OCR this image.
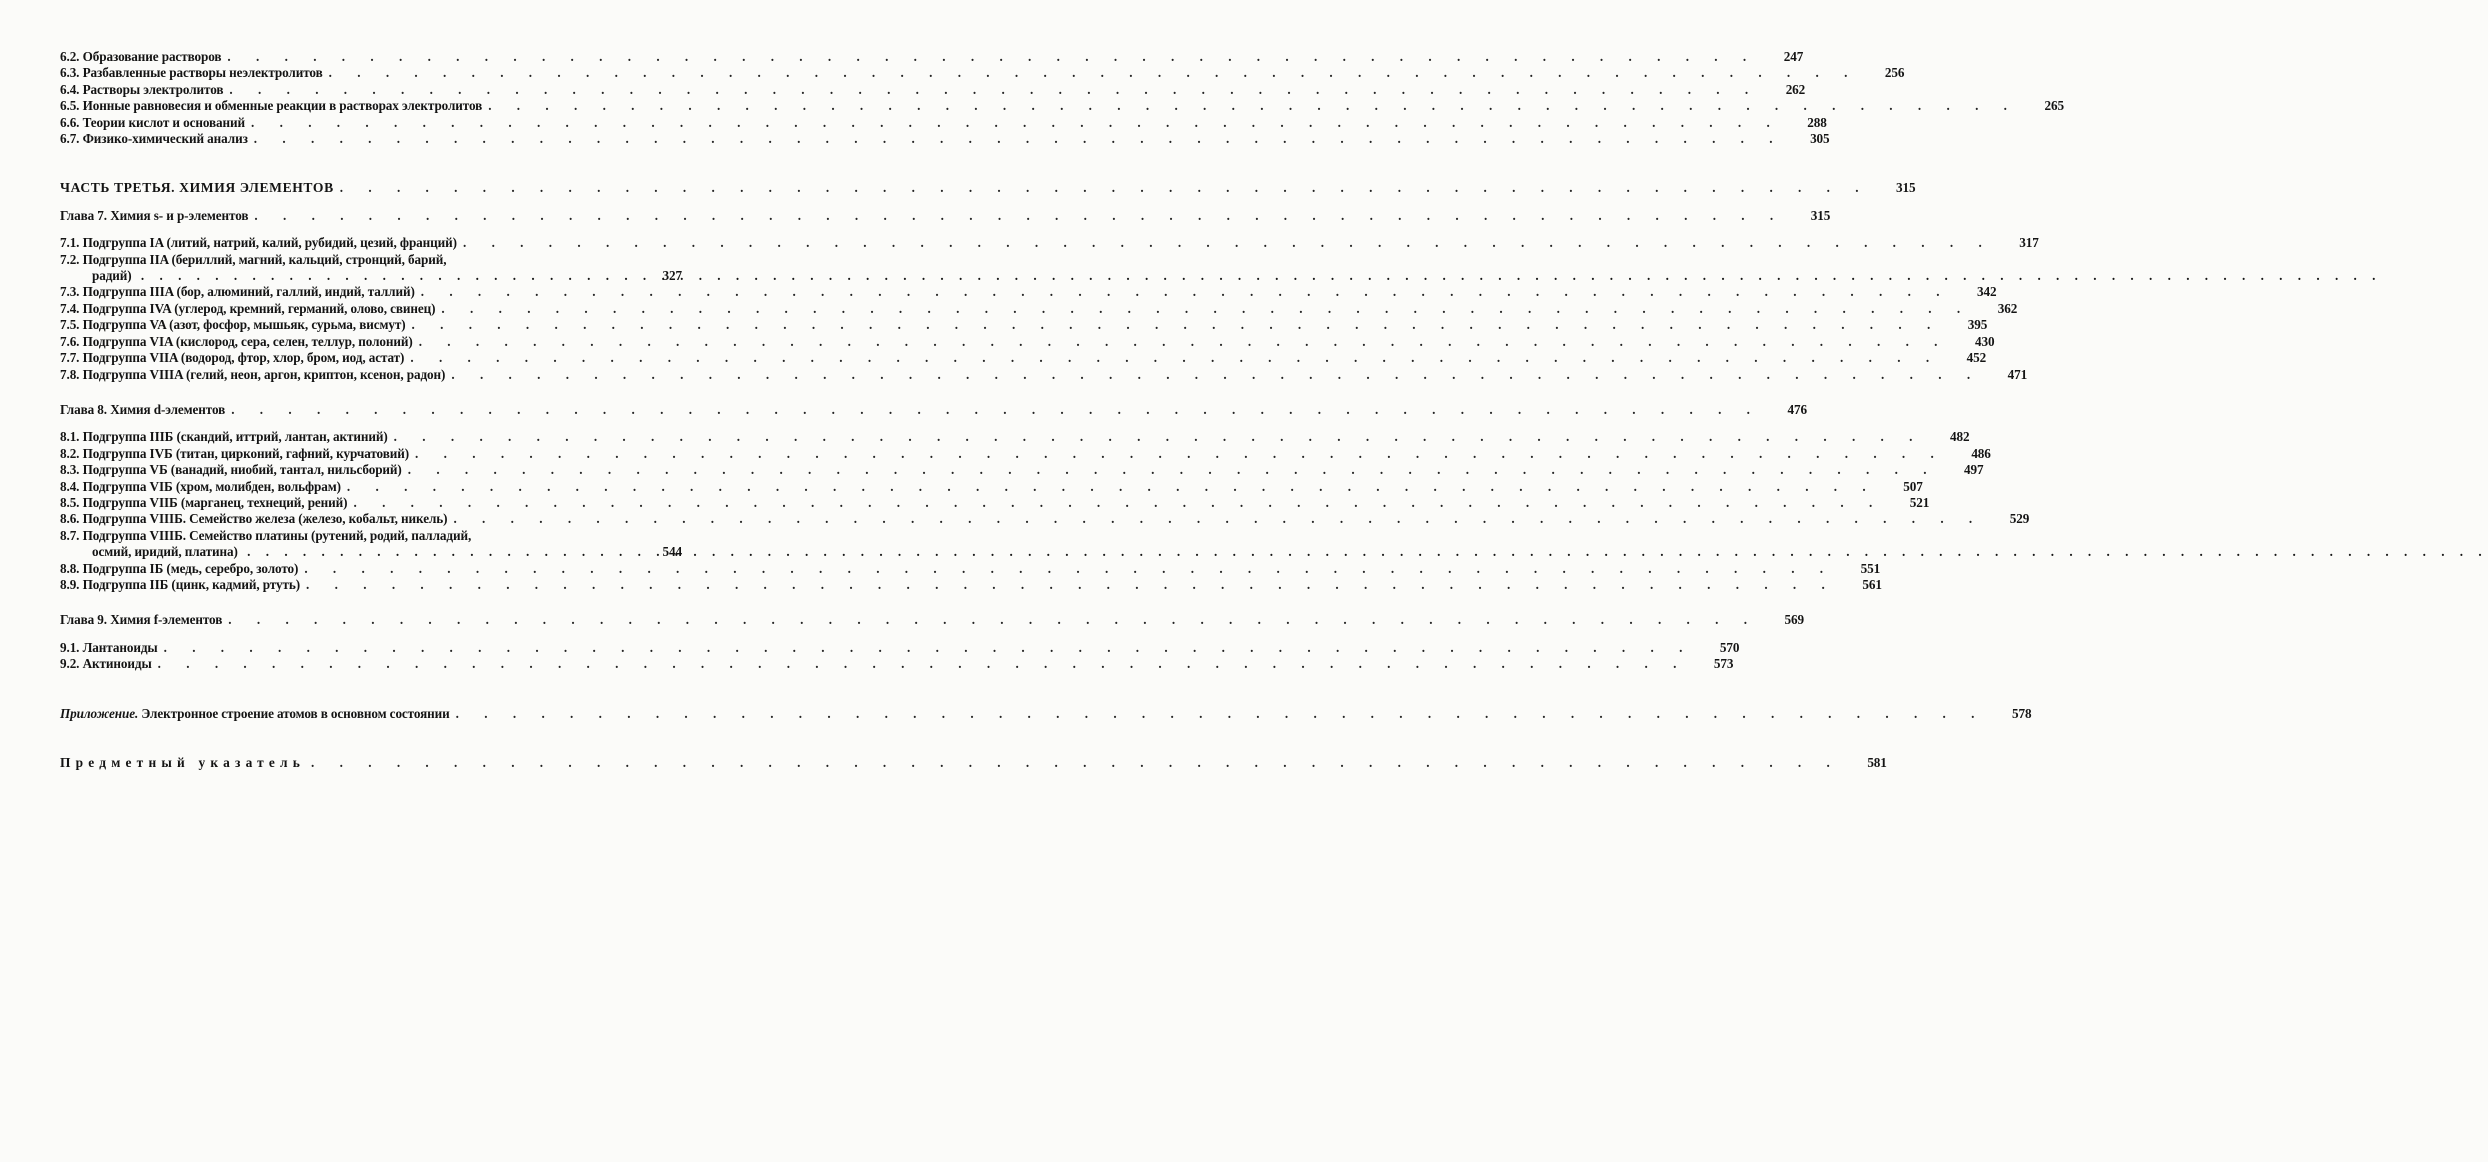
6.2. Образование растворов . . . . . . . . . . . . . . . . . . . . . . . . . . . . . . . . . . . . . . . . . . . . . . . . . . . . . .	247
6.3. Разбавленные растворы неэлектролитов . . . . . . . . . . . . . . . . . . . . . . . . . . . . . . . . . . . . . . . . . . . . . . . . . . . . . .	256
6.4. Растворы электролитов . . . . . . . . . . . . . . . . . . . . . . . . . . . . . . . . . . . . . . . . . . . . . . . . . . . . . .	262
6.5. Ионные равновесия и обменные реакции в растворах электролитов . . . . . . . . . . . . . . . . . . . . . . . . . . . . . . . . . . . . . . . . . . . . . . . . . . . . . .	265
6.6. Теории кислот и оснований . . . . . . . . . . . . . . . . . . . . . . . . . . . . . . . . . . . . . . . . . . . . . . . . . . . . . .	288
6.7. Физико-химический анализ . . . . . . . . . . . . . . . . . . . . . . . . . . . . . . . . . . . . . . . . . . . . . . . . . . . . . .	305
ЧАСТЬ ТРЕТЬЯ. ХИМИЯ ЭЛЕМЕНТОВ . . . . . . . . . . . . . . . . . . . . . . . . . . . . . . . . . . . . . . . . . . . . . . . . . . . . . .	315
Глава 7. Химия s- и p-элементов . . . . . . . . . . . . . . . . . . . . . . . . . . . . . . . . . . . . . . . . . . . . . . . . . . . . . .	315
7.1. Подгруппа IA (литий, натрий, калий, рубидий, цезий, франций) . . . . . . . . . . . . . . . . . . . . . . . . . . . . . . . . . . . . . . . . . . . . . . . . . . . . . .	317
7.2. Подгруппа IIA (бериллий, магний, кальций, стронций, барий,
радий) . . .	327
7.3. Подгруппа IIIA (бор, алюминий, галлий, индий, таллий) . . . . . . . . . . . . . . . . . . . . . . . . . . . . . . . . . . . . . . . . . . . . . . . . . . . . . .	342
7.4. Подгруппа IVA (углерод, кремний, германий, олово, свинец) . . . . . . . . . . . . . . . . . . . . . . . . . . . . . . . . . . . . . . . . . . . . . . . . . . . . . .	362
7.5. Подгруппа VA (азот, фосфор, мышьяк, сурьма, висмут) . . . . . . . . . . . . . . . . . . . . . . . . . . . . . . . . . . . . . . . . . . . . . . . . . . . . . .	395
7.6. Подгруппа VIA (кислород, сера, селен, теллур, полоний) . . . . . . . . . . . . . . . . . . . . . . . . . . . . . . . . . . . . . . . . . . . . . . . . . . . . . .	430
7.7. Подгруппа VIIA (водород, фтор, хлор, бром, иод, астат) . . . . . . . . . . . . . . . . . . . . . . . . . . . . . . . . . . . . . . . . . . . . . . . . . . . . . .	452
7.8. Подгруппа VIIIA (гелий, неон, аргон, криптон, ксенон, радон) . . . . . . . . . . . . . . . . . . . . . . . . . . . . . . . . . . . . . . . . . . . . . . . . . . . . . .	471
Глава 8. Химия d-элементов . . . . . . . . . . . . . . . . . . . . . . . . . . . . . . . . . . . . . . . . . . . . . . . . . . . . . .	476
8.1. Подгруппа IIIБ (скандий, иттрий, лантан, актиний) . . . . . . . . . . . . . . . . . . . . . . . . . . . . . . . . . . . . . . . . . . . . . . . . . . . . . .	482
8.2. Подгруппа IVБ (титан, цирконий, гафний, курчатовий) . . . . . . . . . . . . . . . . . . . . . . . . . . . . . . . . . . . . . . . . . . . . . . . . . . . . . .	486
8.3. Подгруппа VБ (ванадий, ниобий, тантал, нильсборий) . . . . . . . . . . . . . . . . . . . . . . . . . . . . . . . . . . . . . . . . . . . . . . . . . . . . . .	497
8.4. Подгруппа VIБ (хром, молибден, вольфрам) . . . . . . . . . . . . . . . . . . . . . . . . . . . . . . . . . . . . . . . . . . . . . . . . . . . . . .	507
8.5. Подгруппа VIIБ (марганец, технеций, рений) . . . . . . . . . . . . . . . . . . . . . . . . . . . . . . . . . . . . . . . . . . . . . . . . . . . . . .	521
8.6. Подгруппа VIIIБ. Семейство железа (железо, кобальт, никель) . . . . . . . . . . . . . . . . . . . . . . . . . . . . . . . . . . . . . . . . . . . . . . . . . . . . . .	529
8.7. Подгруппа VIIIБ. Семейство платины (рутений, родий, палладий,
осмий, иридий, платина) . . .	544
8.8. Подгруппа IБ (медь, серебро, золото) . . . . . . . . . . . . . . . . . . . . . . . . . . . . . . . . . . . . . . . . . . . . . . . . . . . . . .	551
8.9. Подгруппа IIБ (цинк, кадмий, ртуть) . . . . . . . . . . . . . . . . . . . . . . . . . . . . . . . . . . . . . . . . . . . . . . . . . . . . . .	561
Глава 9. Химия f-элементов . . . . . . . . . . . . . . . . . . . . . . . . . . . . . . . . . . . . . . . . . . . . . . . . . . . . . .	569
9.1. Лантаноиды . . . . . . . . . . . . . . . . . . . . . . . . . . . . . . . . . . . . . . . . . . . . . . . . . . . . . .	570
9.2. Актиноиды . . . . . . . . . . . . . . . . . . . . . . . . . . . . . . . . . . . . . . . . . . . . . . . . . . . . . .	573
Приложение. Электронное строение атомов в основном состоянии . . . . . . . . . . . . . . . . . . . . . . . . . . . . . . . . . . . . . . . . . . . . . . . . . . . . . .	578
Предметный указатель . . . . . . . . . . . . . . . . . . . . . . . . . . . . . . . . . . . . . . . . . . . . . . . . . . . . . .	581
